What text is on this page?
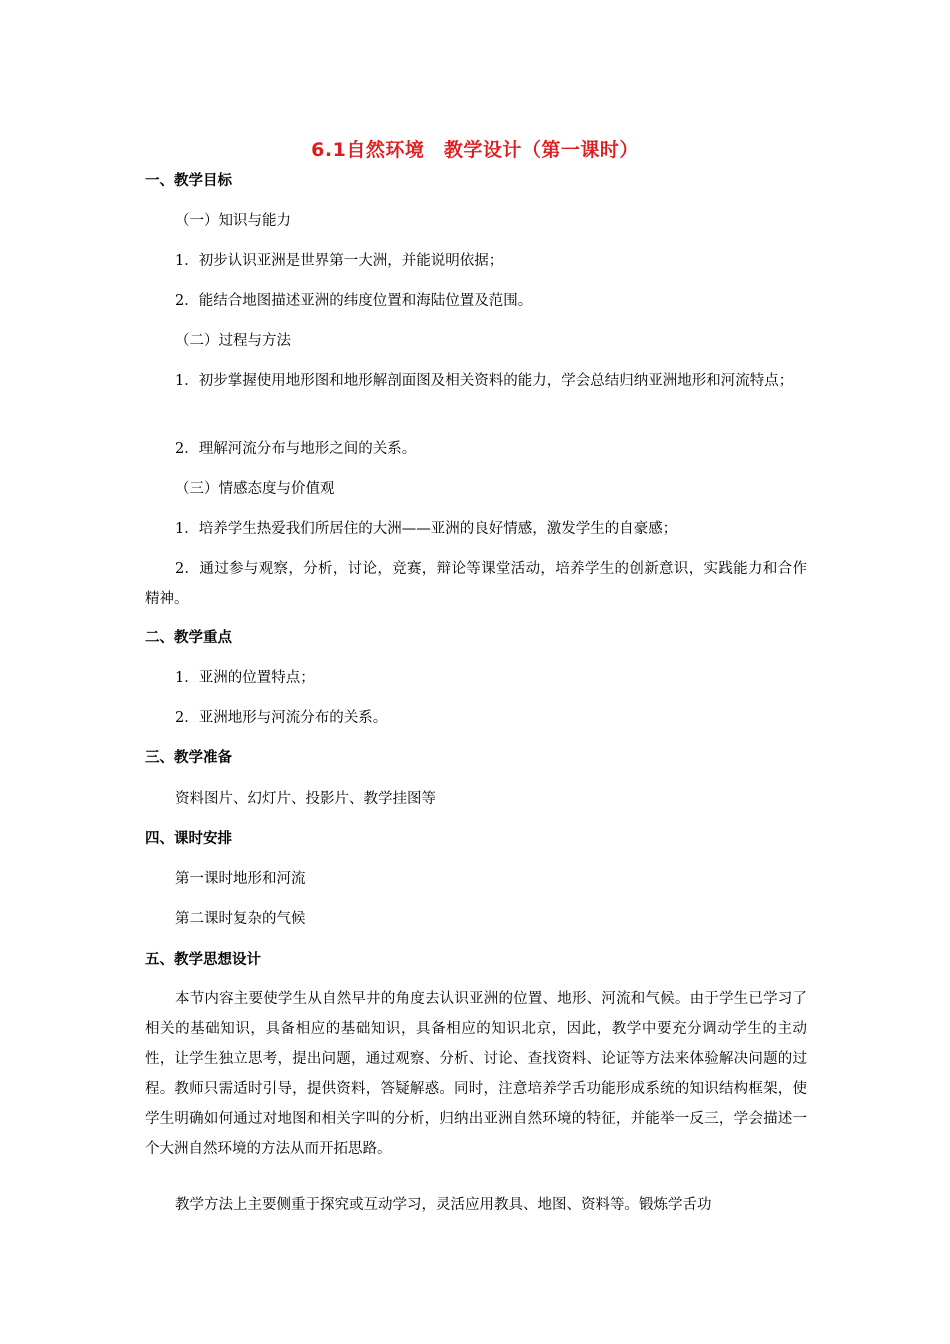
6.1自然环境　教学设计（第一课时）
一、教学目标
（一）知识与能力
1．初步认识亚洲是世界第一大洲，并能说明依据；
2．能结合地图描述亚洲的纬度位置和海陆位置及范围。
（二）过程与方法
1．初步掌握使用地形图和地形解剖面图及相关资料的能力，学会总结归纳亚洲地形和河流特点；
2．理解河流分布与地形之间的关系。
（三）情感态度与价值观
1．培养学生热爱我们所居住的大洲——亚洲的良好情感，激发学生的自豪感；
2．通过参与观察，分析，讨论，竞赛，辩论等课堂活动，培养学生的创新意识，实践能力和合作精神。
二、教学重点
1．亚洲的位置特点；
2．亚洲地形与河流分布的关系。
三、教学准备
资料图片、幻灯片、投影片、教学挂图等
四、课时安排
第一课时地形和河流
第二课时复杂的气候
五、教学思想设计
本节内容主要使学生从自然早井的角度去认识亚洲的位置、地形、河流和气候。由于学生已学习了相关的基础知识，具备相应的基础知识，具备相应的知识北京，因此，教学中要充分调动学生的主动性，让学生独立思考，提出问题，通过观察、分析、讨论、查找资料、论证等方法来体验解决问题的过程。教师只需适时引导，提供资料，答疑解惑。同时，注意培养学舌功能形成系统的知识结构框架，使学生明确如何通过对地图和相关字叫的分析，归纳出亚洲自然环境的特征，并能举一反三，学会描述一个大洲自然环境的方法从而开拓思路。
教学方法上主要侧重于探究或互动学习，灵活应用教具、地图、资料等。锻炼学舌功
